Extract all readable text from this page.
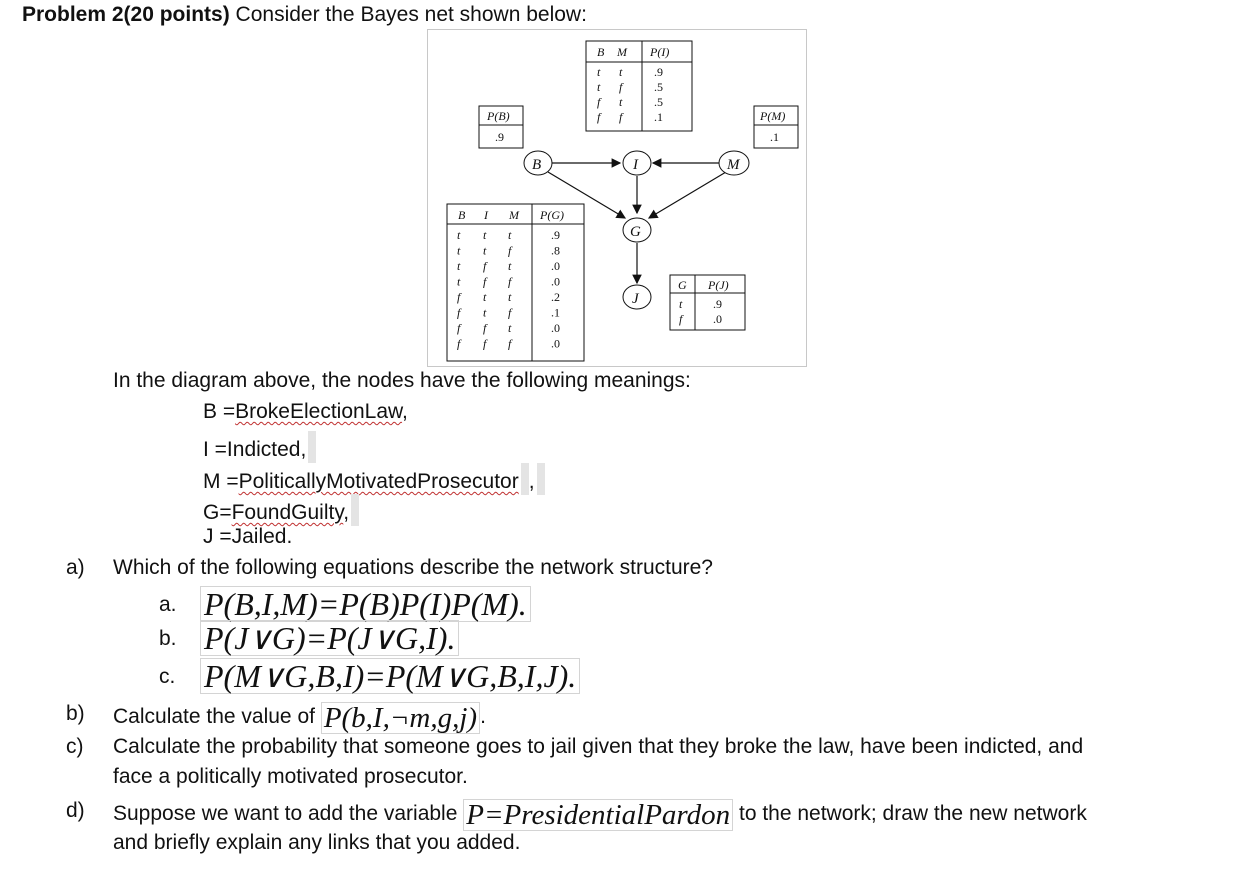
Problem 2(20 points) Consider the Bayes net shown below:
B M P(I)
t t	.9
t f	.5
f t	.5
f f	.1
P(B)
.9
P(M)
.1
B	I	M
G
J
B I M P(G)
t t t	.9
t t f	.8
t f t	.0
t f f	.0
f t t	.2
f t f	.1
f f t	.0
f f f	.0
G P(J)
t	.9
f	.0
In the diagram above, the nodes have the following meanings:
B =BrokeElectionLaw,
I =Indicted,
M =PoliticallyMotivatedProsecutor ,
G=FoundGuilty,
J =Jailed.
a) Which of the following equations describe the network structure?
a. P(B,I,M)=P(B)P(I)P(M).
b. P(J∨G)=P(J∨G,I).
c. P(M∨G,B,I)=P(M∨G,B,I,J).
b) Calculate the value of P(b,I,¬m,g,j) .
c) Calculate the probability that someone goes to jail given that they broke the law, have been indicted, and
face a politically motivated prosecutor.
d) Suppose we want to add the variable P=PresidentialPardon to the network; draw the new network
and briefly explain any links that you added.
